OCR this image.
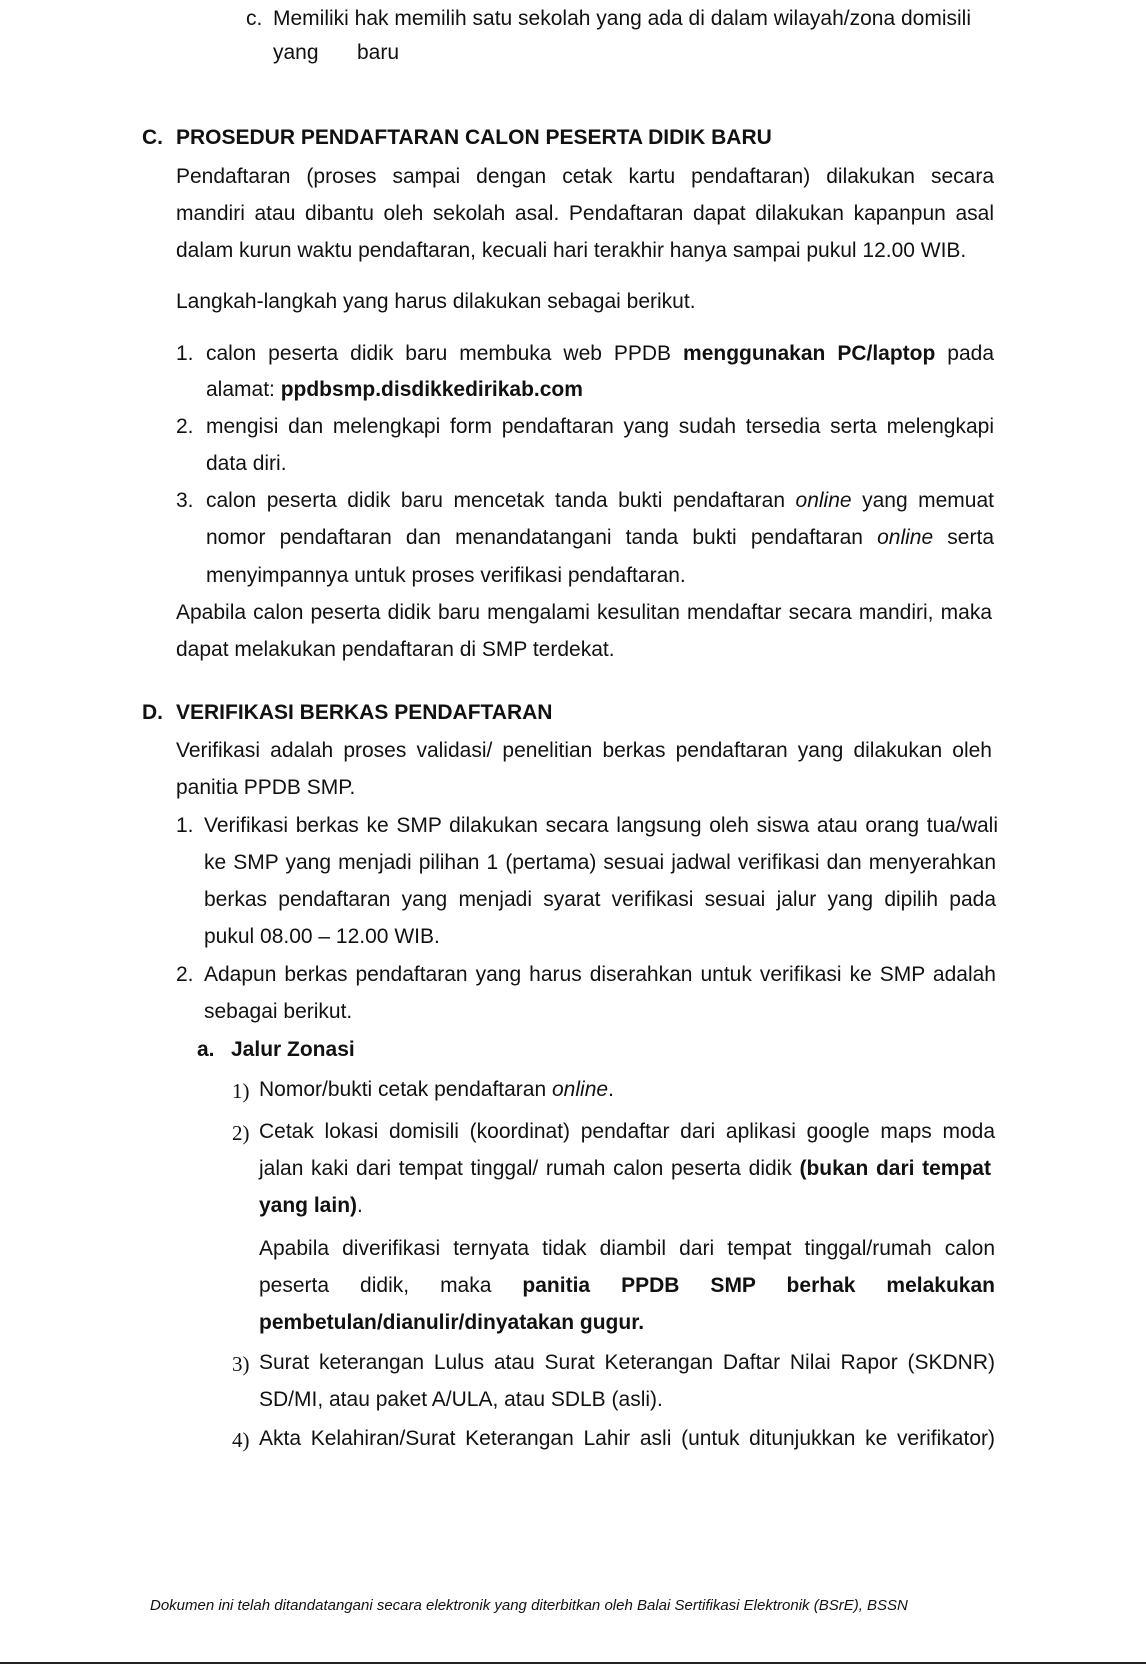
c. Memiliki hak memilih satu sekolah yang ada di dalam wilayah/zona domisili
yang baru
C. PROSEDUR PENDAFTARAN CALON PESERTA DIDIK BARU
Pendaftaran (proses sampai dengan cetak kartu pendaftaran) dilakukan secara
mandiri atau dibantu oleh sekolah asal. Pendaftaran dapat dilakukan kapanpun asal
dalam kurun waktu pendaftaran, kecuali hari terakhir hanya sampai pukul 12.00 WIB.
Langkah-langkah yang harus dilakukan sebagai berikut.
1. calon peserta didik baru membuka web PPDB menggunakan PC/laptop pada
alamat: ppdbsmp.disdikkedirikab.com
2. mengisi dan melengkapi form pendaftaran yang sudah tersedia serta melengkapi
data diri.
3. calon peserta didik baru mencetak tanda bukti pendaftaran online yang memuat
nomor pendaftaran dan menandatangani tanda bukti pendaftaran online serta
menyimpannya untuk proses verifikasi pendaftaran.
Apabila calon peserta didik baru mengalami kesulitan mendaftar secara mandiri, maka
dapat melakukan pendaftaran di SMP terdekat.
D. VERIFIKASI BERKAS PENDAFTARAN
Verifikasi adalah proses validasi/ penelitian berkas pendaftaran yang dilakukan oleh
panitia PPDB SMP.
1. Verifikasi berkas ke SMP dilakukan secara langsung oleh siswa atau orang tua/wali
ke SMP yang menjadi pilihan 1 (pertama) sesuai jadwal verifikasi dan menyerahkan
berkas pendaftaran yang menjadi syarat verifikasi sesuai jalur yang dipilih pada
pukul 08.00 – 12.00 WIB.
2. Adapun berkas pendaftaran yang harus diserahkan untuk verifikasi ke SMP adalah
sebagai berikut.
a. Jalur Zonasi
1) Nomor/bukti cetak pendaftaran online.
2) Cetak lokasi domisili (koordinat) pendaftar dari aplikasi google maps moda
jalan kaki dari tempat tinggal/ rumah calon peserta didik (bukan dari tempat
yang lain).
Apabila diverifikasi ternyata tidak diambil dari tempat tinggal/rumah calon
peserta didik, maka panitia PPDB SMP berhak melakukan
pembetulan/dianulir/dinyatakan gugur.
3) Surat keterangan Lulus atau Surat Keterangan Daftar Nilai Rapor (SKDNR)
SD/MI, atau paket A/ULA, atau SDLB (asli).
4) Akta Kelahiran/Surat Keterangan Lahir asli (untuk ditunjukkan ke verifikator)
Dokumen ini telah ditandatangani secara elektronik yang diterbitkan oleh Balai Sertifikasi Elektronik (BSrE), BSSN
